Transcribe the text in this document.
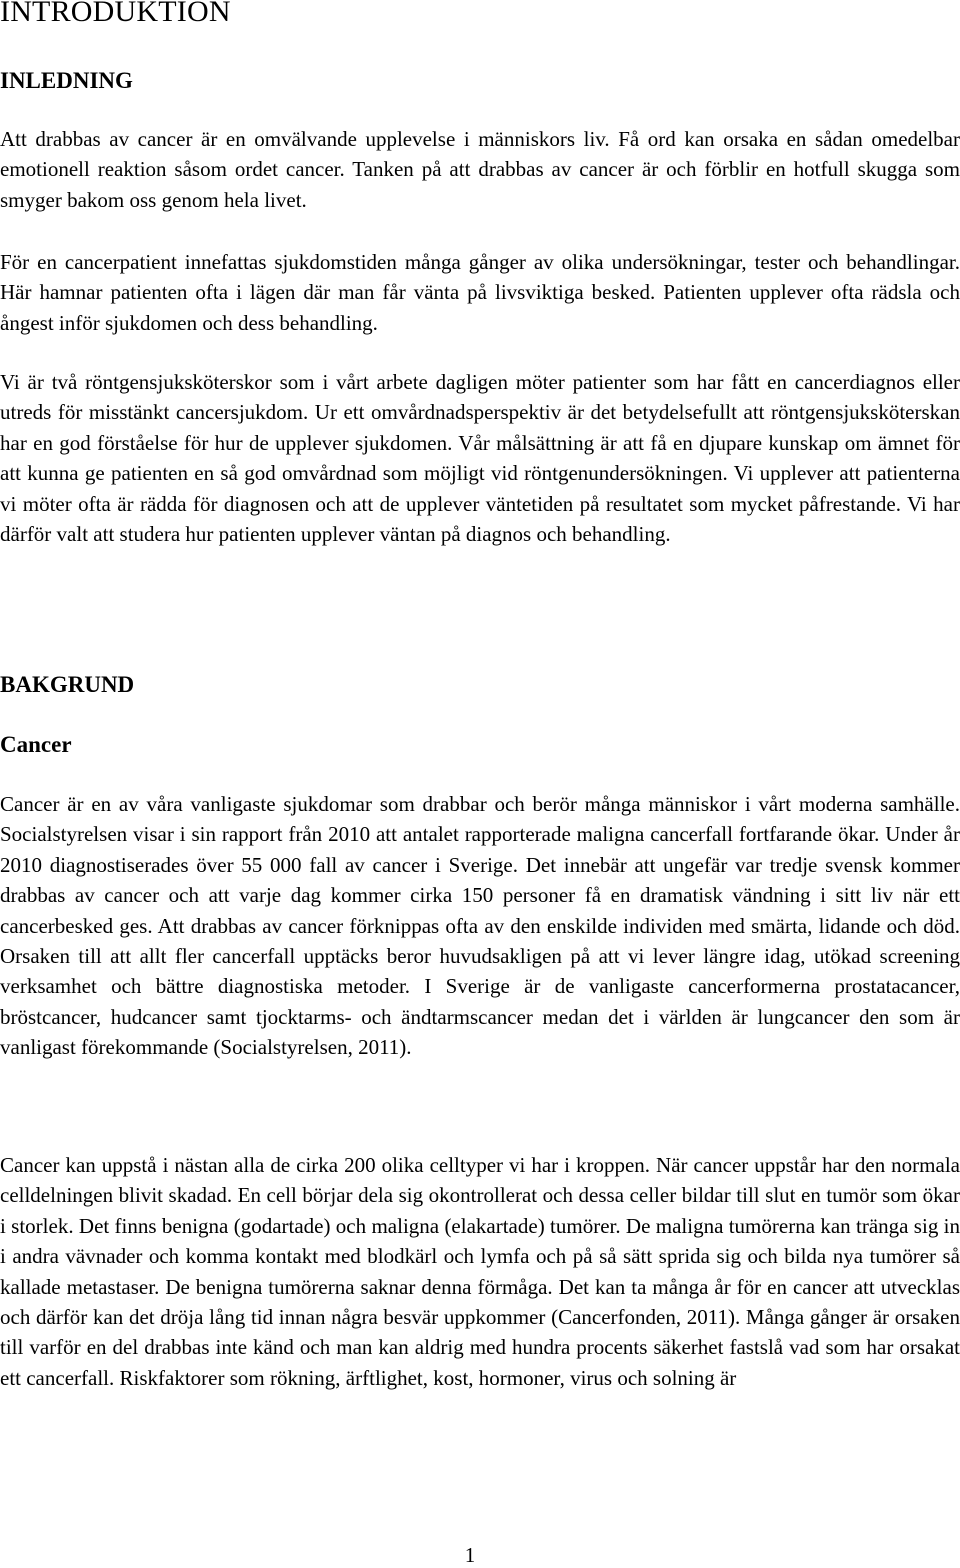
INTRODUKTION
INLEDNING

Att drabbas av cancer är en omvälvande upplevelse i människors liv. Få ord kan orsaka en sådan omedelbar emotionell reaktion såsom ordet cancer. Tanken på att drabbas av cancer är och förblir en hotfull skugga som smyger bakom oss genom hela livet.

För en cancerpatient innefattas sjukdomstiden många gånger av olika undersökningar, tester och behandlingar. Här hamnar patienten ofta i lägen där man får vänta på livsviktiga besked. Patienten upplever ofta rädsla och ångest inför sjukdomen och dess behandling.

Vi är två röntgensjuksköterskor som i vårt arbete dagligen möter patienter som har fått en cancerdiagnos eller utreds för misstänkt cancersjukdom. Ur ett omvårdnadsperspektiv är det betydelsefullt att röntgensjuksköterskan har en god förståelse för hur de upplever sjukdomen. Vår målsättning är att få en djupare kunskap om ämnet för att kunna ge patienten en så god omvårdnad som möjligt vid röntgenundersökningen. Vi upplever att patienterna vi möter ofta är rädda för diagnosen och att de upplever väntetiden på resultatet som mycket påfrestande. Vi har därför valt att studera hur patienten upplever väntan på diagnos och behandling.

BAKGRUND
Cancer

Cancer är en av våra vanligaste sjukdomar som drabbar och berör många människor i vårt moderna samhälle. Socialstyrelsen visar i sin rapport från 2010 att antalet rapporterade maligna cancerfall fortfarande ökar. Under år 2010 diagnostiserades över 55 000 fall av cancer i Sverige. Det innebär att ungefär var tredje svensk kommer drabbas av cancer och att varje dag kommer cirka 150 personer få en dramatisk vändning i sitt liv när ett cancerbesked ges. Att drabbas av cancer förknippas ofta av den enskilde individen med smärta, lidande och död. Orsaken till att allt fler cancerfall upptäcks beror huvudsakligen på att vi lever längre idag, utökad screening verksamhet och bättre diagnostiska metoder. I Sverige är de vanligaste cancerformerna prostatacancer, bröstcancer, hudcancer samt tjocktarms- och ändtarmscancer medan det i världen är lungcancer den som är vanligast förekommande (Socialstyrelsen, 2011).

Cancer kan uppstå i nästan alla de cirka 200 olika celltyper vi har i kroppen. När cancer uppstår har den normala celldelningen blivit skadad. En cell börjar dela sig okontrollerat och dessa celler bildar till slut en tumör som ökar i storlek. Det finns benigna (godartade) och maligna (elakartade) tumörer. De maligna tumörerna kan tränga sig in i andra vävnader och komma kontakt med blodkärl och lymfa och på så sätt sprida sig och bilda nya tumörer så kallade metastaser. De benigna tumörerna saknar denna förmåga. Det kan ta många år för en cancer att utvecklas och därför kan det dröja lång tid innan några besvär uppkommer (Cancerfonden, 2011). Många gånger är orsaken till varför en del drabbas inte känd och man kan aldrig med hundra procents säkerhet fastslå vad som har orsakat ett cancerfall. Riskfaktorer som rökning, ärftlighet, kost, hormoner, virus och solning är

1
